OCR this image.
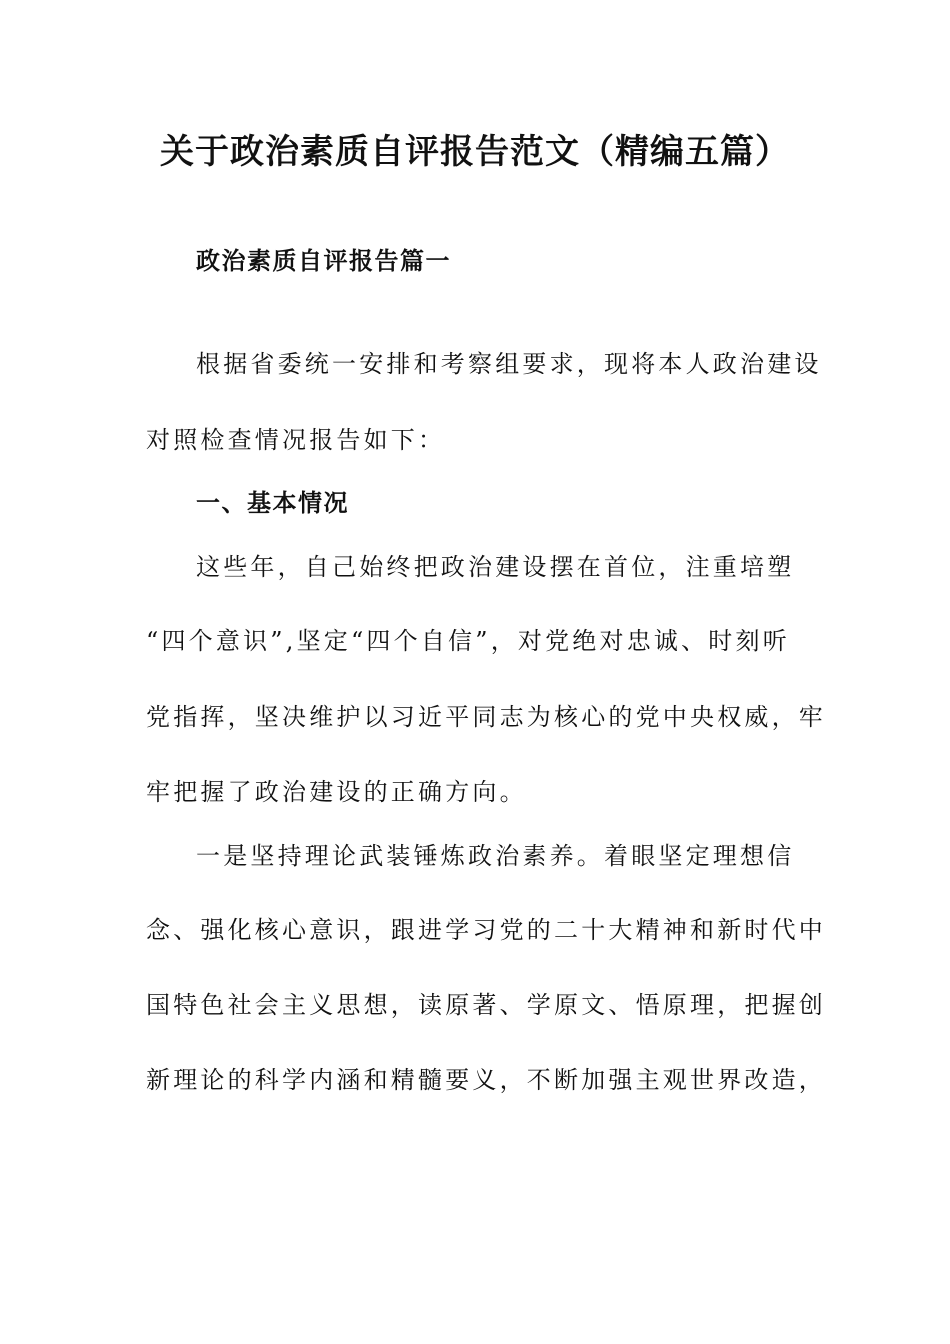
关于政治素质自评报告范文（精编五篇）
政治素质自评报告篇一
根据省委统一安排和考察组要求，现将本人政治建设
对照检查情况报告如下：
一、基本情况
这些年，自己始终把政治建设摆在首位，注重培塑
“四个意识”,坚定“四个自信”，对党绝对忠诚、时刻听
党指挥，坚决维护以习近平同志为核心的党中央权威，牢
牢把握了政治建设的正确方向。
一是坚持理论武装锤炼政治素养。着眼坚定理想信
念、强化核心意识，跟进学习党的二十大精神和新时代中
国特色社会主义思想，读原著、学原文、悟原理，把握创
新理论的科学内涵和精髓要义，不断加强主观世界改造，
